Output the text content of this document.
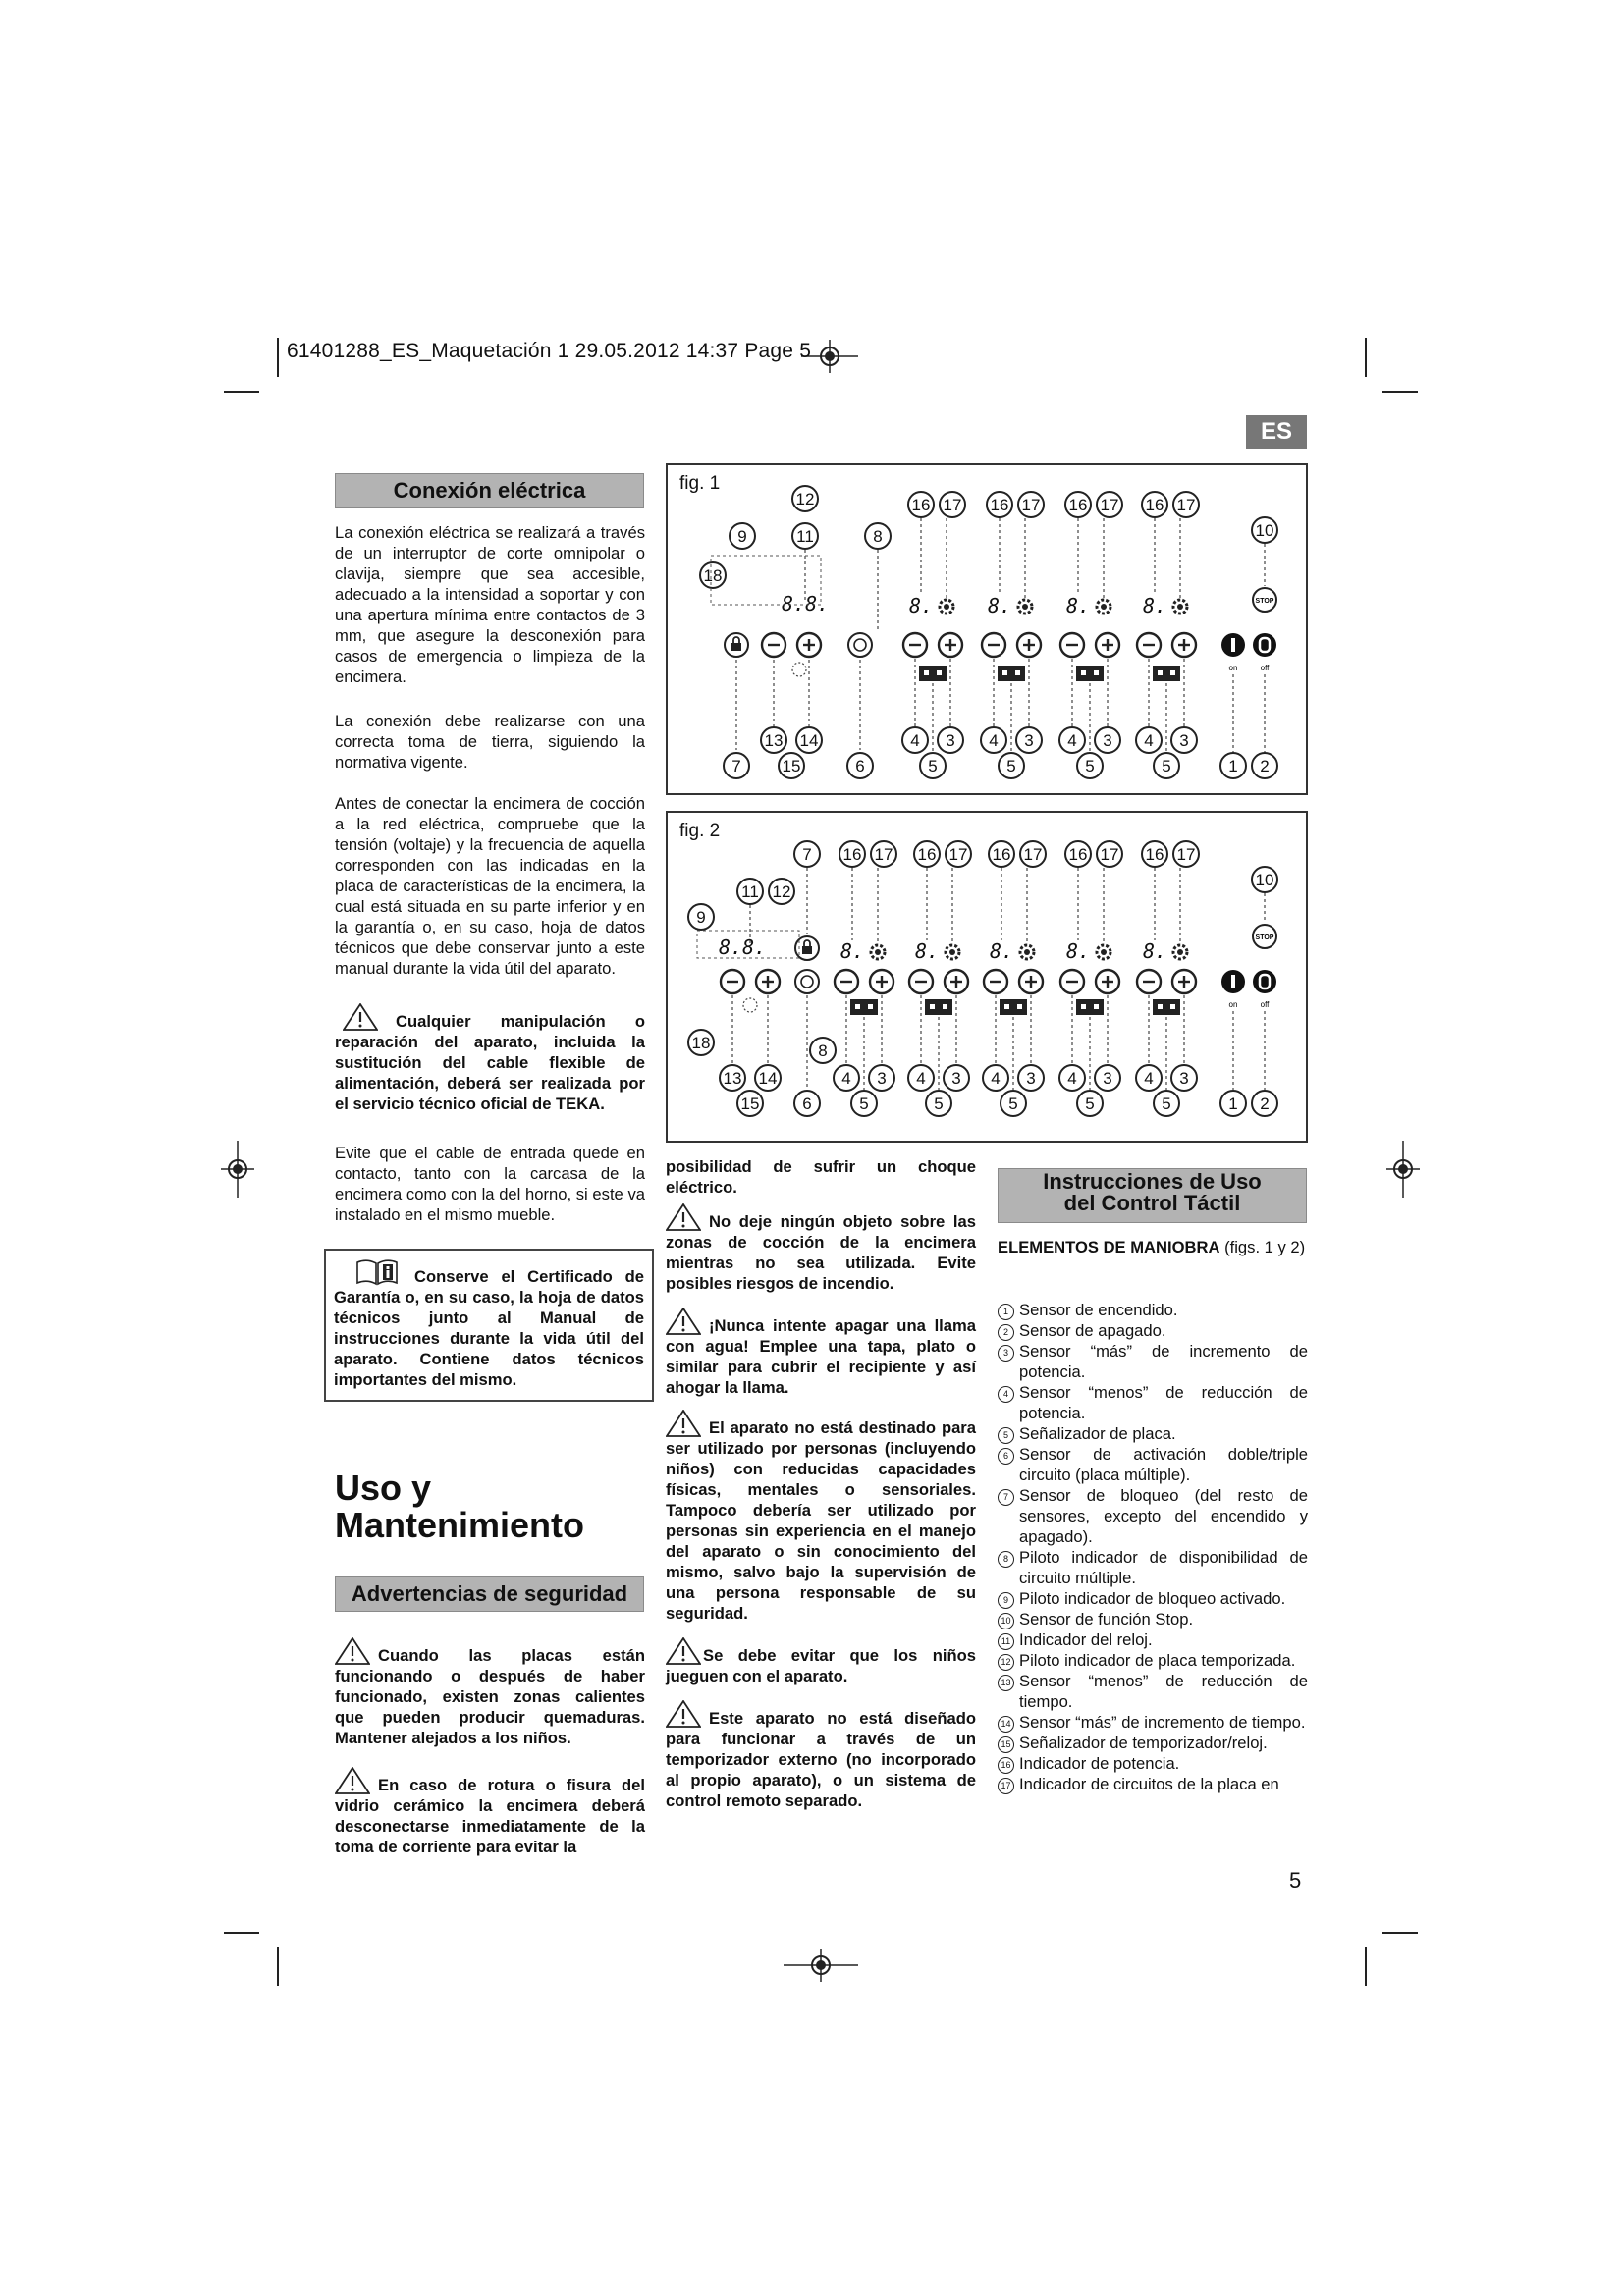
61401288_ES_Maquetación 1 29.05.2012 14:37 Page 5
ES
Conexión eléctrica
La conexión eléctrica se realizará a través de un interruptor de corte omnipolar o clavija, siempre que sea accesible, adecuado a la intensidad a soportar y con una apertura mínima entre contactos de 3 mm, que asegure la desconexión para casos de emergencia o limpieza de la encimera.
La conexión debe realizarse con una correcta toma de tierra, siguiendo la normativa vigente.
Antes de conectar la encimera de cocción a la red eléctrica, compruebe que la tensión (voltaje) y la frecuencia de aquella corresponden con las indicadas en la placa de características de la encimera, la cual está situada en su parte inferior y en la garantía o, en su caso, hoja de datos técnicos que debe conservar junto a este manual durante la vida útil del aparato.
Cualquier manipulación o reparación del aparato, incluida la sustitución del cable flexible de alimentación, deberá ser realizada por el servicio técnico oficial de TEKA.
Evite que el cable de entrada quede en contacto, tanto con la carcasa de la encimera como con la del horno, si este va instalado en el mismo mueble.
Conserve el Certificado de Garantía o, en su caso, la hoja de datos técnicos junto al Manual de instrucciones durante la vida útil del aparato. Contiene datos técnicos importantes del mismo.
Uso y
Mantenimiento
Advertencias de seguridad
Cuando las placas están funcionando o después de haber funcionado, existen zonas calientes que pueden producir quemaduras. Mantener alejados a los niños.
En caso de rotura o fisura del vidrio cerámico la encimera deberá desconectarse inmediatamente de la toma de corriente para evitar la
fig. 1
8.
4 3
5
16 17
8.
4 3
5
16 17
8.
4 3
5
16 17
8.
4 3
5
16 17
STOP
on	off
1 2
10
8.8.
12
11
9
18
8
7
13 14
15	6
fig. 2
8.
4 3
5
16 17
8.
4 3
5
16 17
8.
4 3
5
16 17
8.
4 3
5
16 17
8.
4 3
5
16 17
STOP
on	off
1 2
10
8.8.
7
11 12
9
18	8
13 14
15	6
posibilidad de sufrir un choque eléctrico.
No deje ningún objeto sobre las zonas de cocción de la encimera mientras no sea utilizada. Evite posibles riesgos de incendio.
¡Nunca intente apagar una llama con agua! Emplee una tapa, plato o similar para cubrir el recipiente y así ahogar la llama.
El aparato no está destinado para ser utilizado por personas (incluyendo niños) con reducidas capacidades físicas, mentales o sensoriales. Tampoco debería ser utilizado por personas sin experiencia en el manejo del aparato o sin conocimiento del mismo, salvo bajo la supervisión de una persona responsable de su seguridad.
Se debe evitar que los niños jueguen con el aparato.
Este aparato no está diseñado para funcionar a través de un temporizador externo (no incorporado al propio aparato), o un sistema de control remoto separado.
Instrucciones de Uso
del Control Táctil
ELEMENTOS DE MANIOBRA (figs. 1 y 2)
1 Sensor de encendido.
2 Sensor de apagado.
3 Sensor “más” de incremento de potencia.
4 Sensor “menos” de reducción de potencia.
5 Señalizador de placa.
6 Sensor de activación doble/triple circuito (placa múltiple).
7 Sensor de bloqueo (del resto de sensores, excepto del encendido y apagado).
8 Piloto indicador de disponibilidad de circuito múltiple.
9 Piloto indicador de bloqueo activado.
10 Sensor de función Stop.
11 Indicador del reloj.
12 Piloto indicador de placa temporizada.
13 Sensor “menos” de reducción de tiempo.
14 Sensor “más” de incremento de tiempo.
15 Señalizador de temporizador/reloj.
16 Indicador de potencia.
17 Indicador de circuitos de la placa en
5
